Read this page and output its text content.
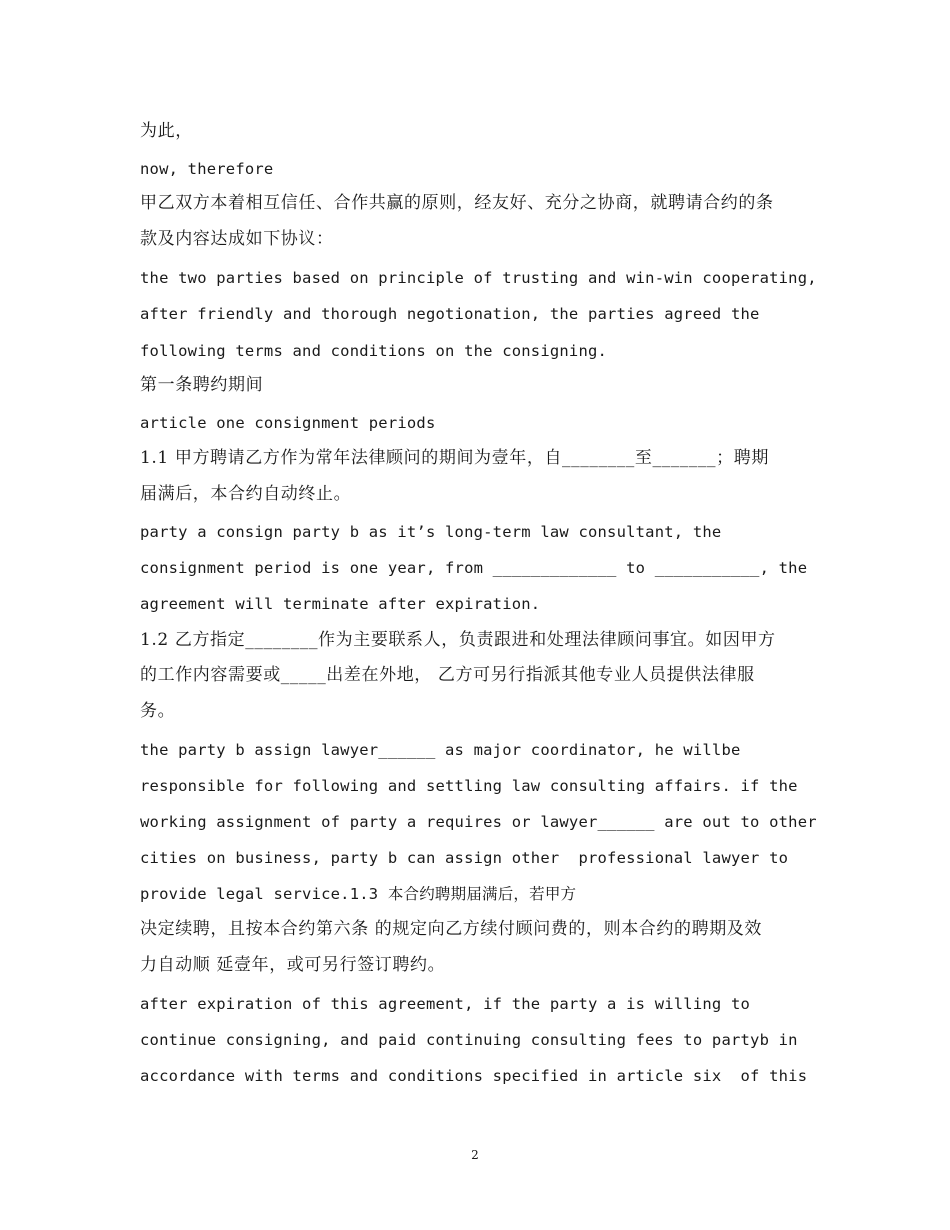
为此，
now, therefore
甲乙双方本着相互信任、合作共赢的原则，经友好、充分之协商，就聘请合约的条
款及内容达成如下协议：
the two parties based on principle of trusting and win-win cooperating,
after friendly and thorough negotionation, the parties agreed the
following terms and conditions on the consigning.
第一条聘约期间
article one consignment periods
1.1 甲方聘请乙方作为常年法律顾问的期间为壹年，自________至_______；聘期
届满后，本合约自动终止。
party a consign party b as it’s long-term law consultant, the
consignment period is one year, from _____________ to ___________, the
agreement will terminate after expiration.
1.2 乙方指定________作为主要联系人，负责跟进和处理法律顾问事宜。如因甲方
的工作内容需要或_____出差在外地， 乙方可另行指派其他专业人员提供法律服
务。
the party b assign lawyer______ as major coordinator, he willbe
responsible for following and settling law consulting affairs. if the
working assignment of party a requires or lawyer______ are out to other
cities on business, party b can assign other  professional lawyer to
provide legal service.1.3 本合约聘期届满后，若甲方
决定续聘，且按本合约第六条 的规定向乙方续付顾问费的，则本合约的聘期及效
力自动顺 延壹年，或可另行签订聘约。
after expiration of this agreement, if the party a is willing to
continue consigning, and paid continuing consulting fees to partyb in
accordance with terms and conditions specified in article six  of this
2
